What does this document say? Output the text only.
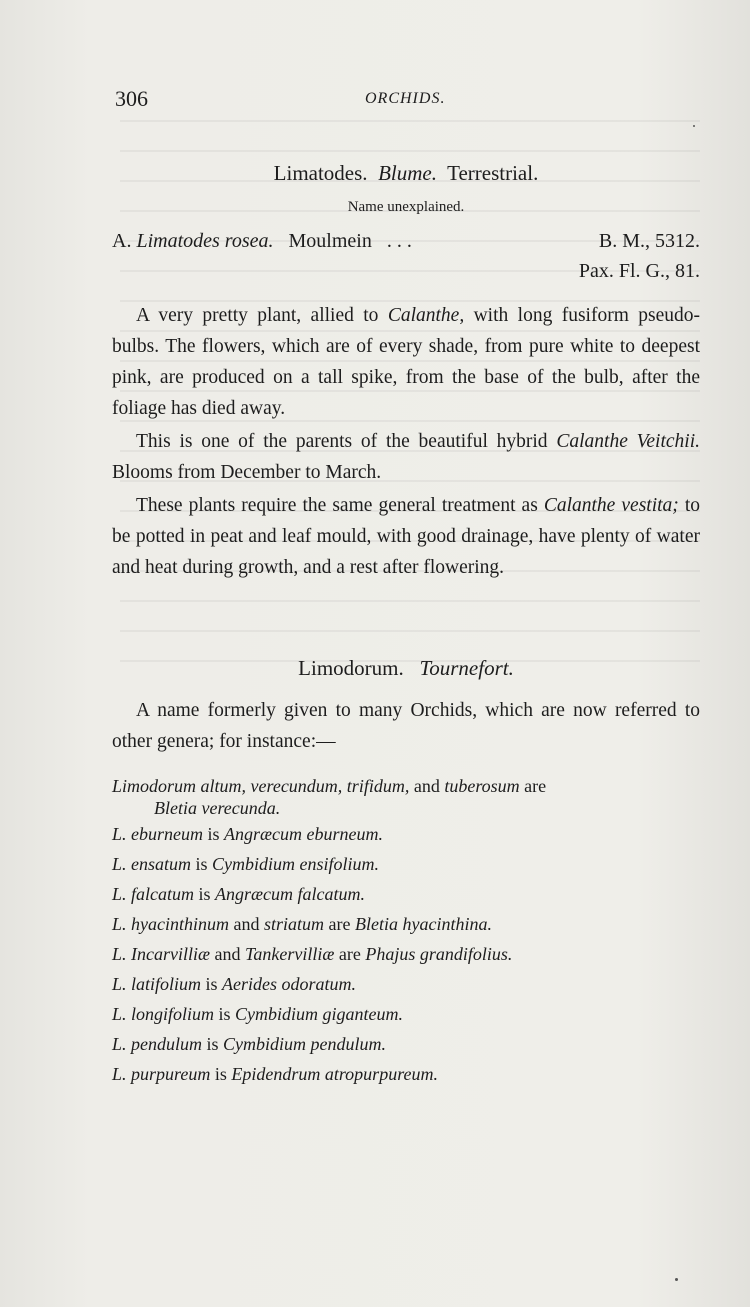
306	ORCHIDS.
Limatodes. Blume. Terrestrial.
Name unexplained.
A. Limatodes rosea. Moulmein . . .	B. M., 5312.
Pax. Fl. G., 81.

A very pretty plant, allied to Calanthe, with long fusiform pseudo-bulbs. The flowers, which are of every shade, from pure white to deepest pink, are produced on a tall spike, from the base of the bulb, after the foliage has died away.

This is one of the parents of the beautiful hybrid Calanthe Veitchii. Blooms from December to March.

These plants require the same general treatment as Calanthe vestita; to be potted in peat and leaf mould, with good drainage, have plenty of water and heat during growth, and a rest after flowering.

Limodorum. Tournefort.

A name formerly given to many Orchids, which are now referred to other genera; for instance:—

Limodorum altum, verecundum, trifidum, and tuberosum are
Bletia verecunda.
L. eburneum is Angræcum eburneum.
L. ensatum is Cymbidium ensifolium.
L. falcatum is Angræcum falcatum.
L. hyacinthinum and striatum are Bletia hyacinthina.
L. Incarvilliæ and Tankervilliæ are Phajus grandifolius.
L. latifolium is Aerides odoratum.
L. longifolium is Cymbidium giganteum.
L. pendulum is Cymbidium pendulum.
L. purpureum is Epidendrum atropurpureum.
